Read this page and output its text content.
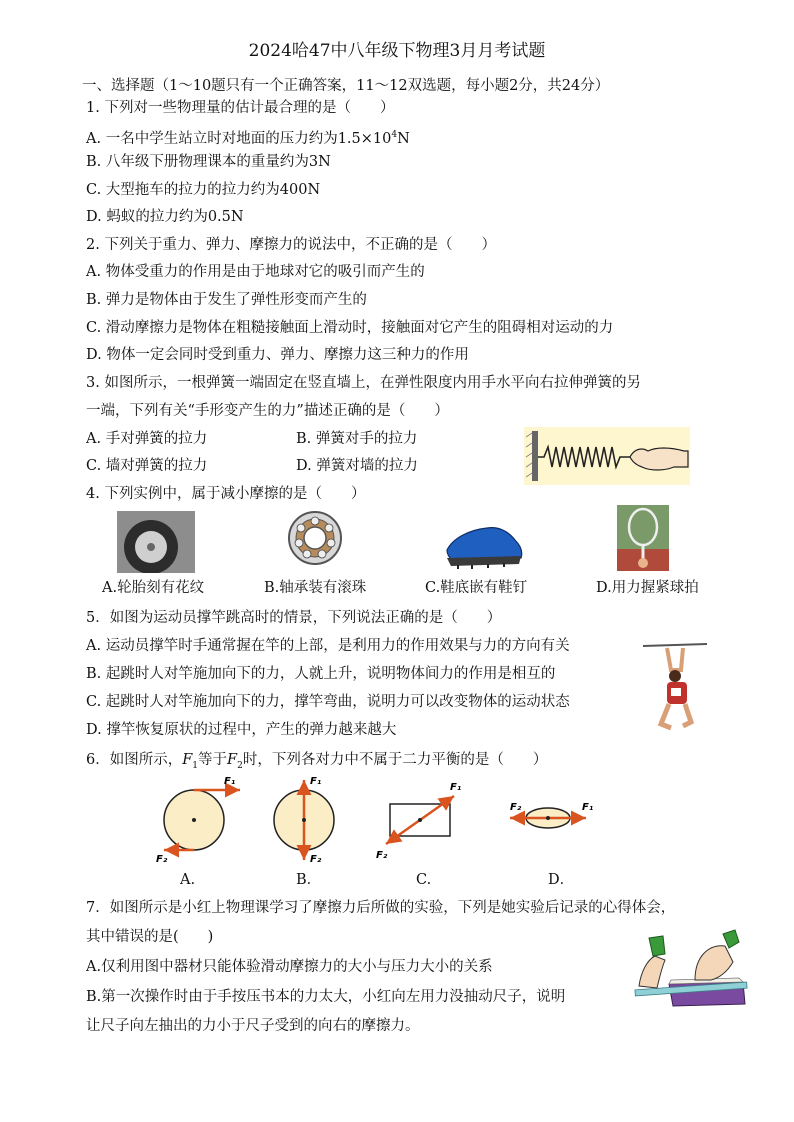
2024哈47中八年级下物理3月月考试题
一、选择题（1～10题只有一个正确答案，11～12双选题，每小题2分，共24分）
1. 下列对一些物理量的估计最合理的是（　　）
A. 一名中学生站立时对地面的压力约为$1.5\times 10^4N$
B. 八年级下册物理课本的重量约为3N
C. 大型拖车的拉力的拉力约为400N
D. 蚂蚁的拉力约为0.5N
2. 下列关于重力、弹力、摩擦力的说法中，不正确的是（　　）
A. 物体受重力的作用是由于地球对它的吸引而产生的
B. 弹力是物体由于发生了弹性形变而产生的
C. 滑动摩擦力是物体在粗糙接触面上滑动时，接触面对它产生的阻碍相对运动的力
D. 物体一定会同时受到重力、弹力、摩擦力这三种力的作用
3. 如图所示，一根弹簧一端固定在竖直墙上，在弹性限度内用手水平向右拉伸弹簧的另
一端，下列有关“手形变产生的力”描述正确的是（　　）
A. 手对弹簧的拉力	B. 弹簧对手的拉力
C. 墙对弹簧的拉力	D. 弹簧对墙的拉力
4. 下列实例中，属于减小摩擦的是（　　）
A.轮胎刻有花纹	B.轴承装有滚珠	C.鞋底嵌有鞋钉	D.用力握紧球拍
5．如图为运动员撑竿跳高时的情景，下列说法正确的是（　　）
A. 运动员撑竿时手通常握在竿的上部，是利用力的作用效果与力的方向有关
B. 起跳时人对竿施加向下的力，人就上升，说明物体间力的作用是相互的
C. 起跳时人对竿施加向下的力，撑竿弯曲，说明力可以改变物体的运动状态
D. 撑竿恢复原状的过程中，产生的弹力越来越大
6．如图所示，$F_1$等于$F_2$时，下列各对力中不属于二力平衡的是（　　）
F₁
F₂
F₁
F₂
F₁
F₂
F₁
F₂
A.	B．	C.	D．
7．如图所示是小红上物理课学习了摩擦力后所做的实验，下列是她实验后记录的心得体会，
其中错误的是(　　)
A.仅利用图中器材只能体验滑动摩擦力的大小与压力大小的关系
B.第一次操作时由于手按压书本的力太大，小红向左用力没抽动尺子，说明
让尺子向左抽出的力小于尺子受到的向右的摩擦力。
